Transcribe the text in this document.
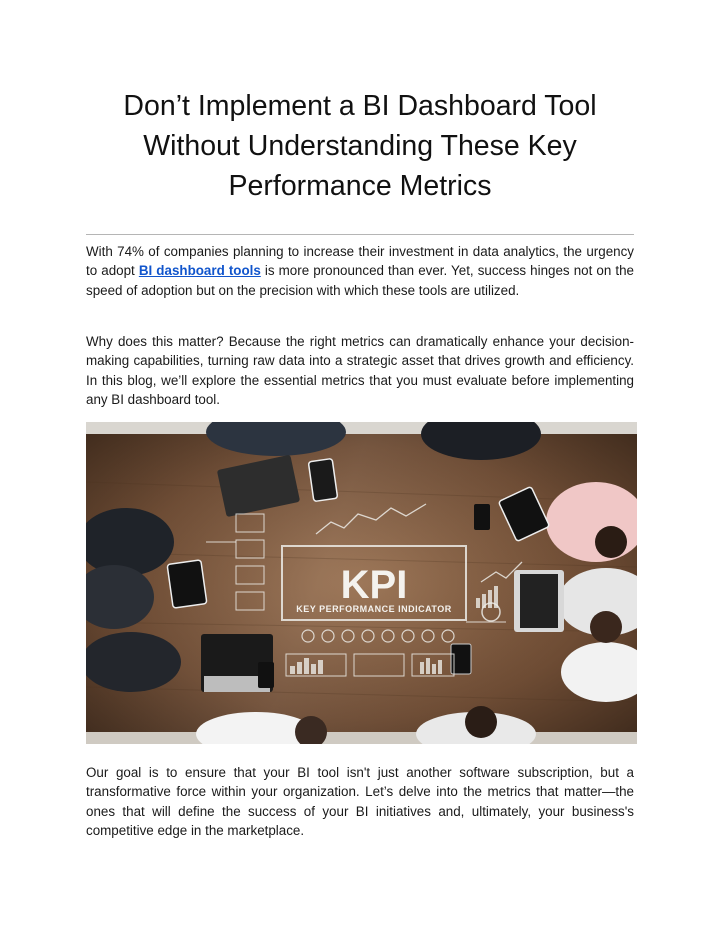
Don’t Implement a BI Dashboard Tool
Without Understanding These Key
Performance Metrics

With 74% of companies planning to increase their investment in data analytics, the urgency to adopt BI dashboard tools is more pronounced than ever. Yet, success hinges not on the speed of adoption but on the precision with which these tools are utilized.

Why does this matter? Because the right metrics can dramatically enhance your decision-making capabilities, turning raw data into a strategic asset that drives growth and efficiency. In this blog, we’ll explore the essential metrics that you must evaluate before implementing any BI dashboard tool.

KPI
KEY PERFORMANCE INDICATOR

Our goal is to ensure that your BI tool isn't just another software subscription, but a transformative force within your organization. Let’s delve into the metrics that matter—the ones that will define the success of your BI initiatives and, ultimately, your business's competitive edge in the marketplace.
